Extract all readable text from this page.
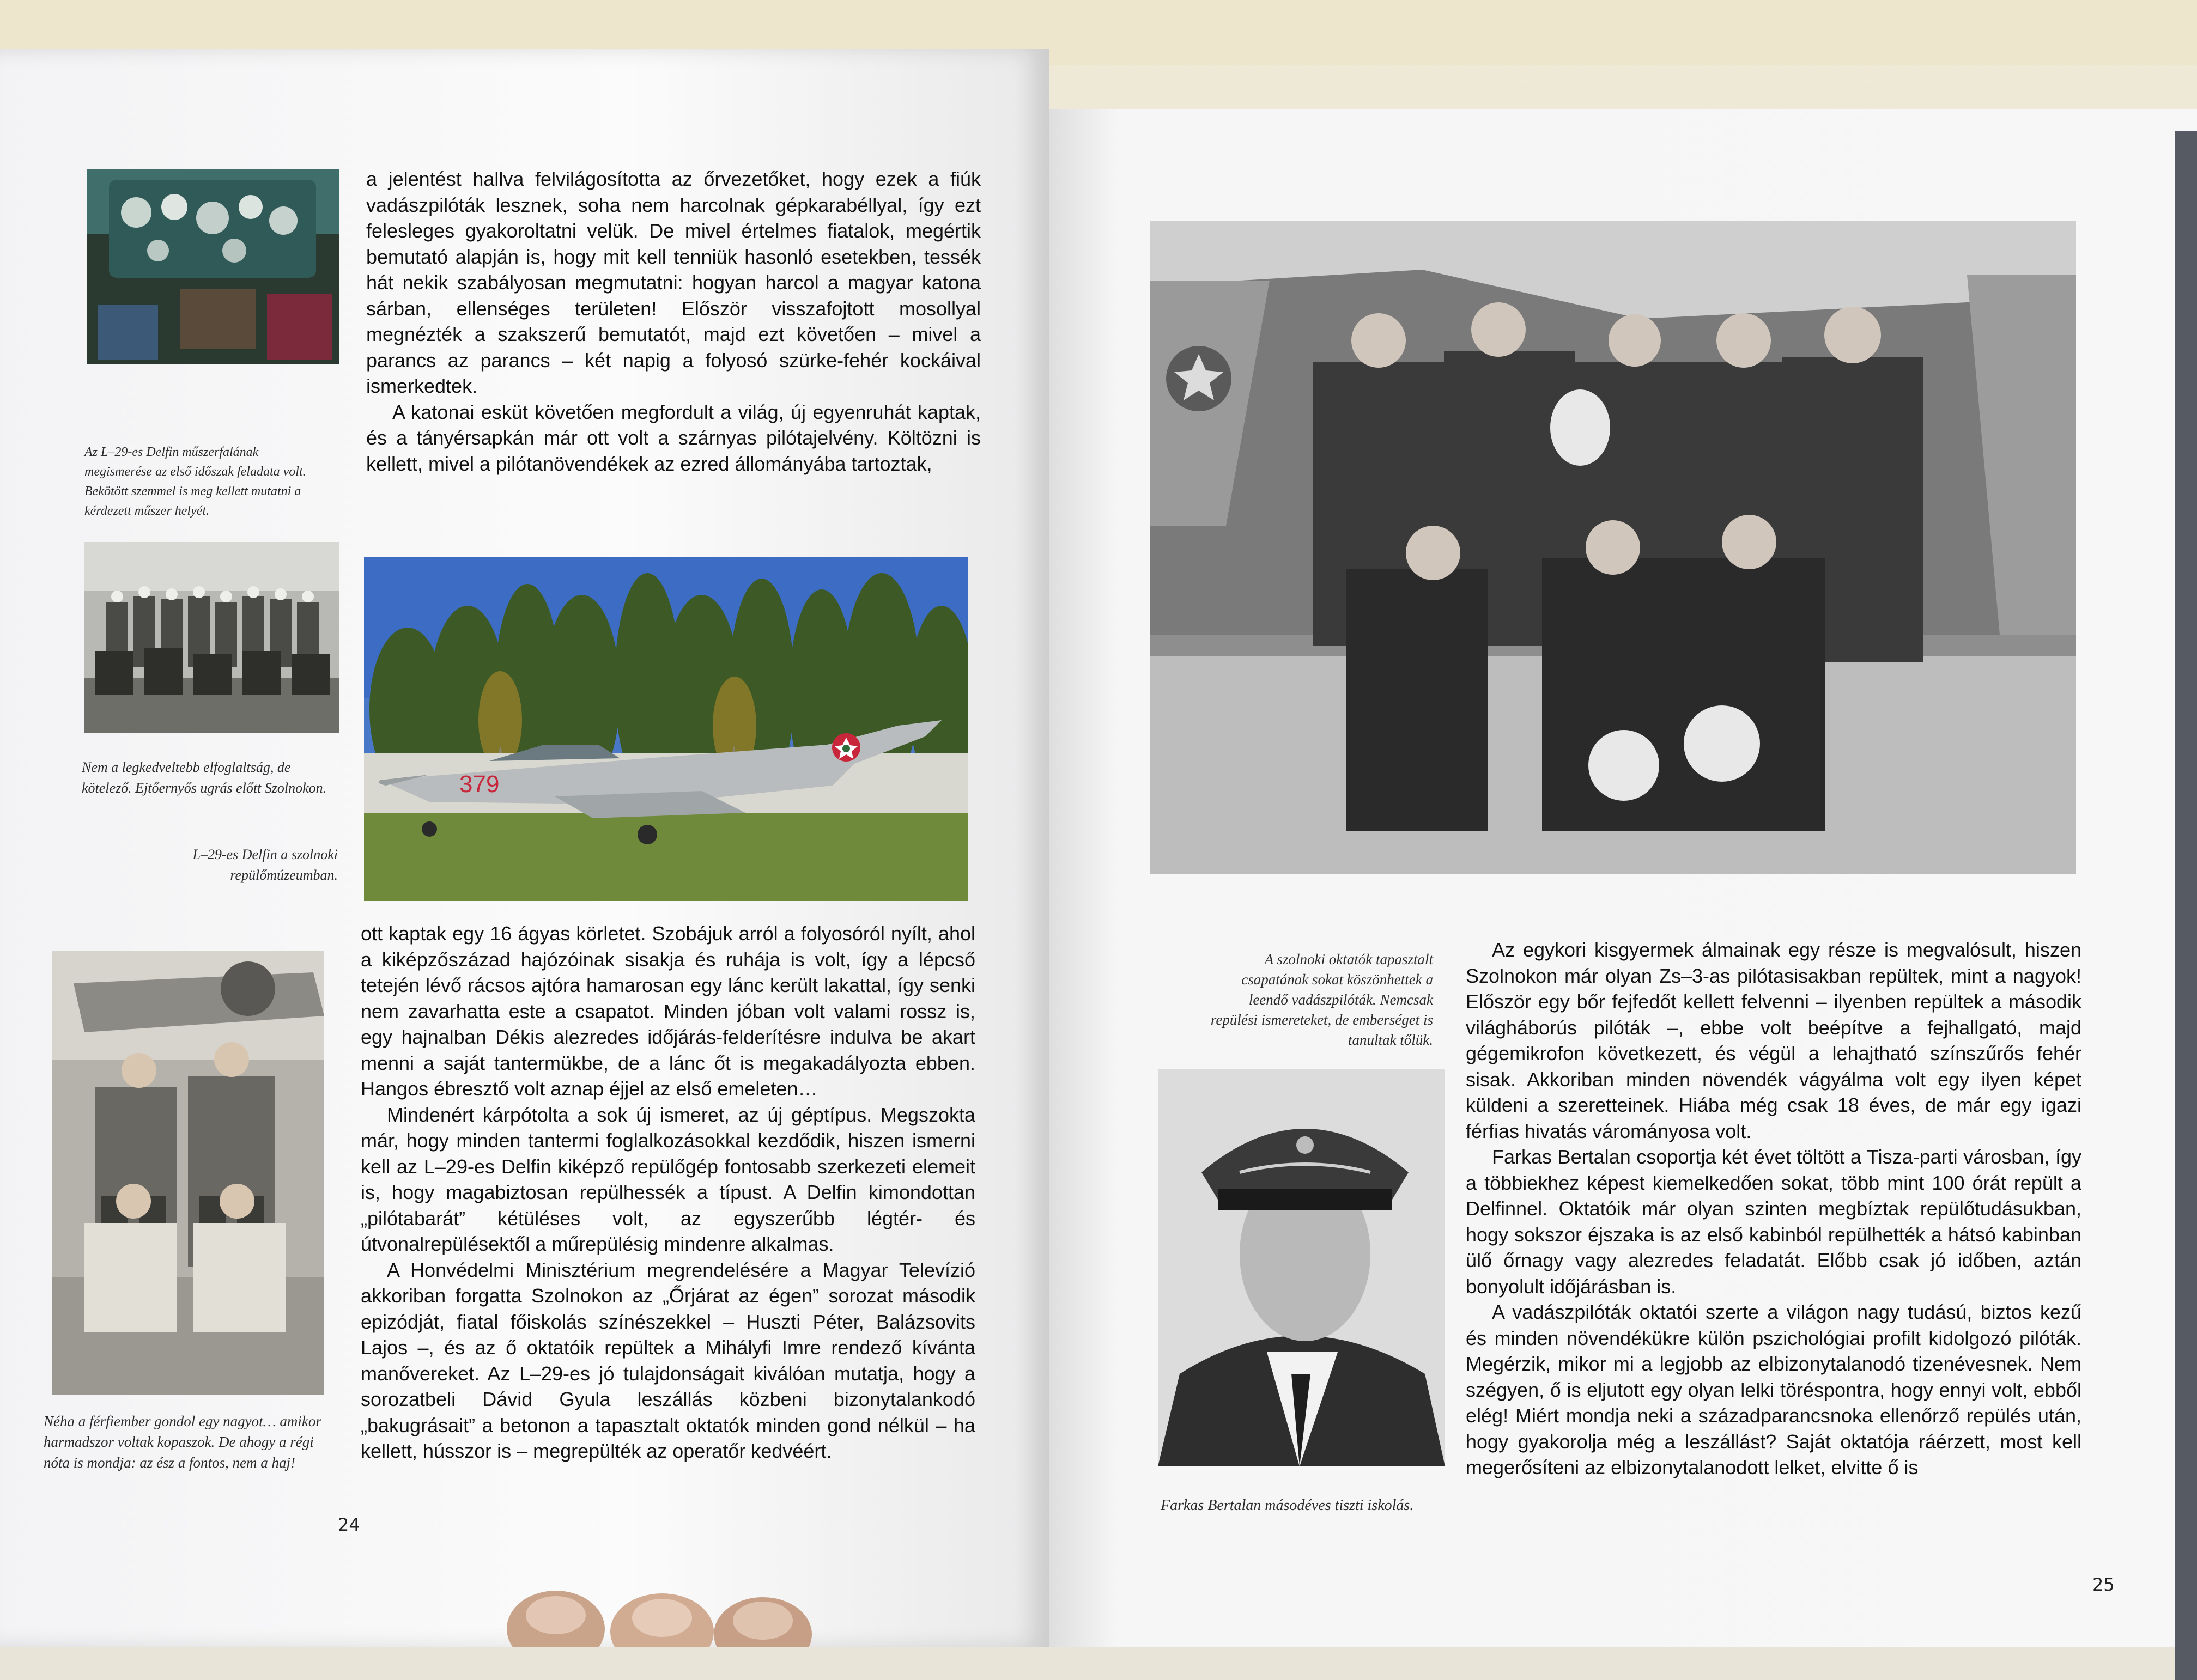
Az L–29-es Delfin műszerfalának megismerése az első időszak feladata volt. Bekötött szemmel is meg kellett mutatni a kérdezett műszer helyét.
Nem a legkedveltebb elfoglaltság, de kötelező. Ejtőernyős ugrás előtt Szolnokon.
L–29-es Delfin a szolnoki repülőmúzeumban.

a jelentést hallva felvilágosította az őrvezetőket, hogy ezek a fiúk vadászpilóták lesznek, soha nem harcolnak gépkarabéllyal, így ezt felesleges gyakoroltatni velük. De mivel értelmes fiatalok, megértik bemutató alapján is, hogy mit kell tenniük hasonló esetekben, tessék hát nekik szabályosan megmutatni: hogyan harcol a magyar katona sárban, ellenséges területen! Először visszafojtott mosollyal megnézték a szakszerű bemutatót, majd ezt követően – mivel a parancs az parancs – két napig a folyosó szürke-fehér kockáival ismerkedtek.

A katonai esküt követően megfordult a világ, új egyenruhát kaptak, és a tányérsapkán már ott volt a szárnyas pilótajelvény. Költözni is kellett, mivel a pilótanövendékek az ezred állományába tartoztak,

379
Néha a férfiember gondol egy nagyot… amikor harmadszor voltak kopaszok. De ahogy a régi nóta is mondja: az ész a fontos, nem a haj!

ott kaptak egy 16 ágyas körletet. Szobájuk arról a folyosóról nyílt, ahol a kiképzőszázad hajózóinak sisakja és ruhája is volt, így a lépcső tetején lévő rácsos ajtóra hamarosan egy lánc került lakattal, így senki nem zavarhatta este a csapatot. Minden jóban volt valami rossz is, egy hajnalban Dékis alezredes időjárás-felderítésre indulva be akart menni a saját tantermükbe, de a lánc őt is megakadályozta ebben. Hangos ébresztő volt aznap éjjel az első emeleten…

Mindenért kárpótolta a sok új ismeret, az új géptípus. Megszokta már, hogy minden tantermi foglalkozásokkal kezdődik, hiszen ismerni kell az L–29-es Delfin kiképző repülőgép fontosabb szerkezeti elemeit is, hogy magabiztosan repülhessék a típust. A Delfin kimondottan „pilótabarát” kétüléses volt, az egyszerűbb légtér- és útvonalrepülésektől a műrepülésig mindenre alkalmas.

A Honvédelmi Minisztérium megrendelésére a Magyar Televízió akkoriban forgatta Szolnokon az „Őrjárat az égen” sorozat második epizódját, fiatal főiskolás színészekkel – Huszti Péter, Balázsovits Lajos –, és az ő oktatóik repültek a Mihályfi Imre rendező kívánta manővereket. Az L–29-es jó tulajdonságait kiválóan mutatja, hogy a sorozatbeli Dávid Gyula leszállás közbeni bizonytalankodó „bakugrásait” a betonon a tapasztalt oktatók minden gond nélkül – ha kellett, hússzor is – megrepülték az operatőr kedvéért.

24
A szolnoki oktatók tapasztalt csapatának sokat köszönhettek a leendő vadászpilóták. Nemcsak repülési ismereteket, de emberséget is tanultak tőlük.
Farkas Bertalan másodéves tiszti iskolás.

Az egykori kisgyermek álmainak egy része is megvalósult, hiszen Szolnokon már olyan Zs–3-as pilótasisakban repültek, mint a nagyok! Először egy bőr fejfedőt kellett felvenni – ilyenben repültek a második világháborús pilóták –, ebbe volt beépítve a fejhallgató, majd gégemikrofon következett, és végül a lehajtható színszűrős fehér sisak. Akkoriban minden növendék vágyálma volt egy ilyen képet küldeni a szeretteinek. Hiába még csak 18 éves, de már egy igazi férfias hivatás várományosa volt.

Farkas Bertalan csoportja két évet töltött a Tisza-parti városban, így a többiekhez képest kiemelkedően sokat, több mint 100 órát repült a Delfinnel. Oktatóik már olyan szinten megbíztak repülőtudásukban, hogy sokszor éjszaka is az első kabinból repülhették a hátsó kabinban ülő őrnagy vagy alezredes feladatát. Előbb csak jó időben, aztán bonyolult időjárásban is.

A vadászpilóták oktatói szerte a világon nagy tudású, biztos kezű és minden növendékükre külön pszichológiai profilt kidolgozó pilóták. Megérzik, mikor mi a legjobb az elbizonytalanodó tizenévesnek. Nem szégyen, ő is eljutott egy olyan lelki töréspontra, hogy ennyi volt, ebből elég! Miért mondja neki a századparancsnoka ellenőrző repülés után, hogy gyakorolja még a leszállást? Saját oktatója ráérzett, most kell megerősíteni az elbizonytalanodott lelket, elvitte ő is

25
